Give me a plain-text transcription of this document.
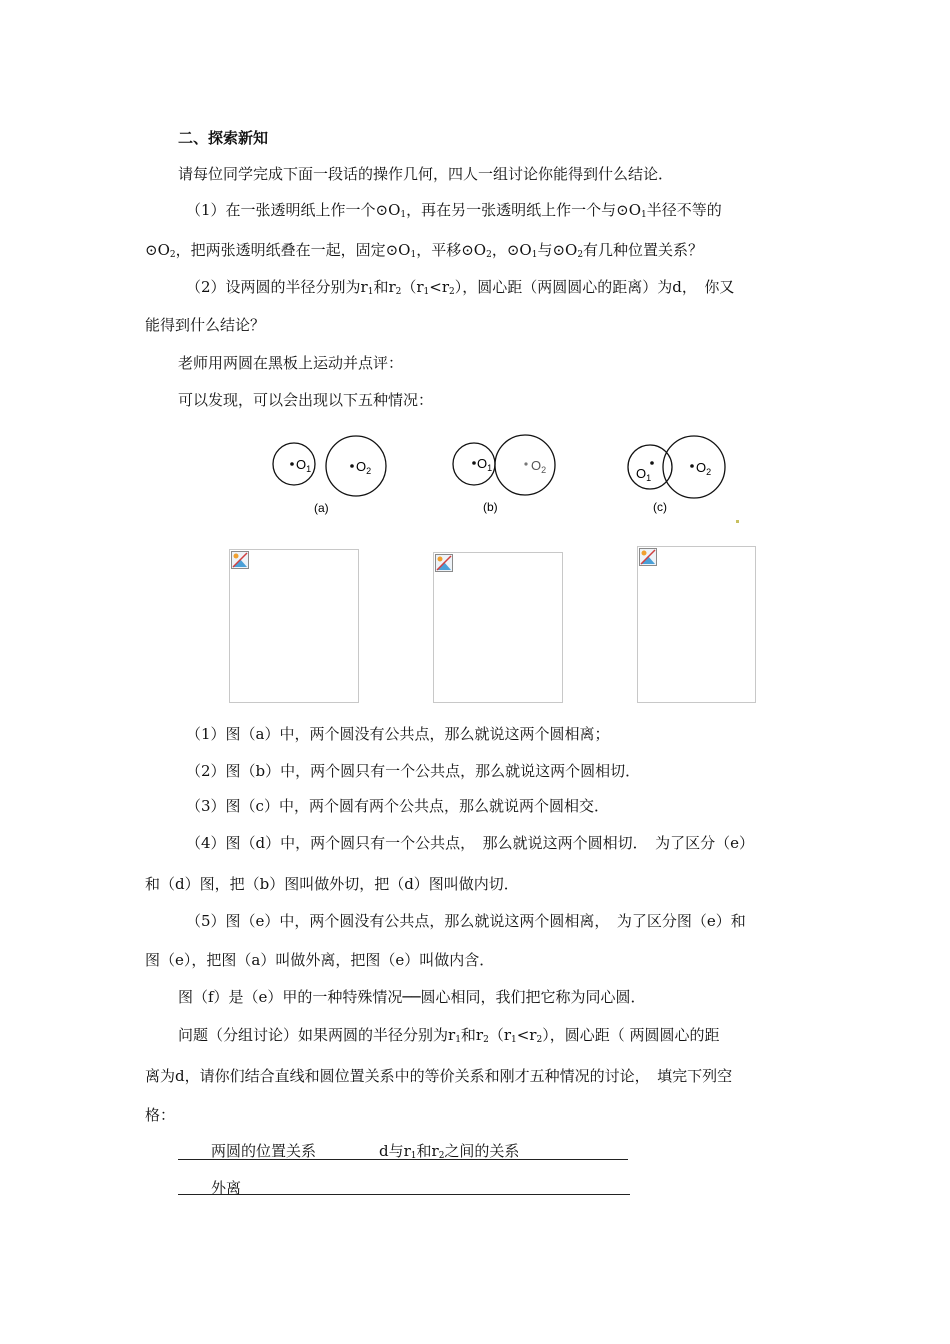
二、探索新知
请每位同学完成下面一段话的操作几何，四人一组讨论你能得到什么结论．
（1）在一张透明纸上作一个$⊙O_1$，再在另一张透明纸上作一个与$⊙O_1$半径不等的
$⊙O_2$，把两张透明纸叠在一起，固定$⊙O_1$，平移$⊙O_2$，$⊙O_1$与$⊙O_2$有几种位置关系？
（2）设两圆的半径分别为$r_1$和$r_2(r_1<r_2)$，圆心距（两圆圆心的距离）为d，　你又
能得到什么结论？
老师用两圆在黑板上运动并点评：
可以发现，可以会出现以下五种情况：
$O_1$	$O_2$
(a)
$O_1$	$O_2$
(b)
$O_1$
$O_2$
(c)
（1）图（a）中，两个圆没有公共点，那么就说这两个圆相离；
（2）图（b）中，两个圆只有一个公共点，那么就说这两个圆相切．
（3）图（c）中，两个圆有两个公共点，那么就说两个圆相交．
（4）图（d）中，两个圆只有一个公共点，　那么就说这两个圆相切．　为了区分（e）
和（d）图，把（b）图叫做外切，把（d）图叫做内切．
（5）图（e）中，两个圆没有公共点，那么就说这两个圆相离，　为了区分图（e）和
图（e），把图（a）叫做外离，把图（e）叫做内含．
图（f）是（e）甲的一种特殊情况──圆心相同，我们把它称为同心圆．
问题（分组讨论）如果两圆的半径分别为$r_1$和$r_2(r_1<r_2)$，圆心距（ 两圆圆心的距
离为d，请你们结合直线和圆位置关系中的等价关系和刚才五种情况的讨论，　填完下列空
格：
两圆的位置关系	d与$r_1$和$r_2$之间的关系
外离
